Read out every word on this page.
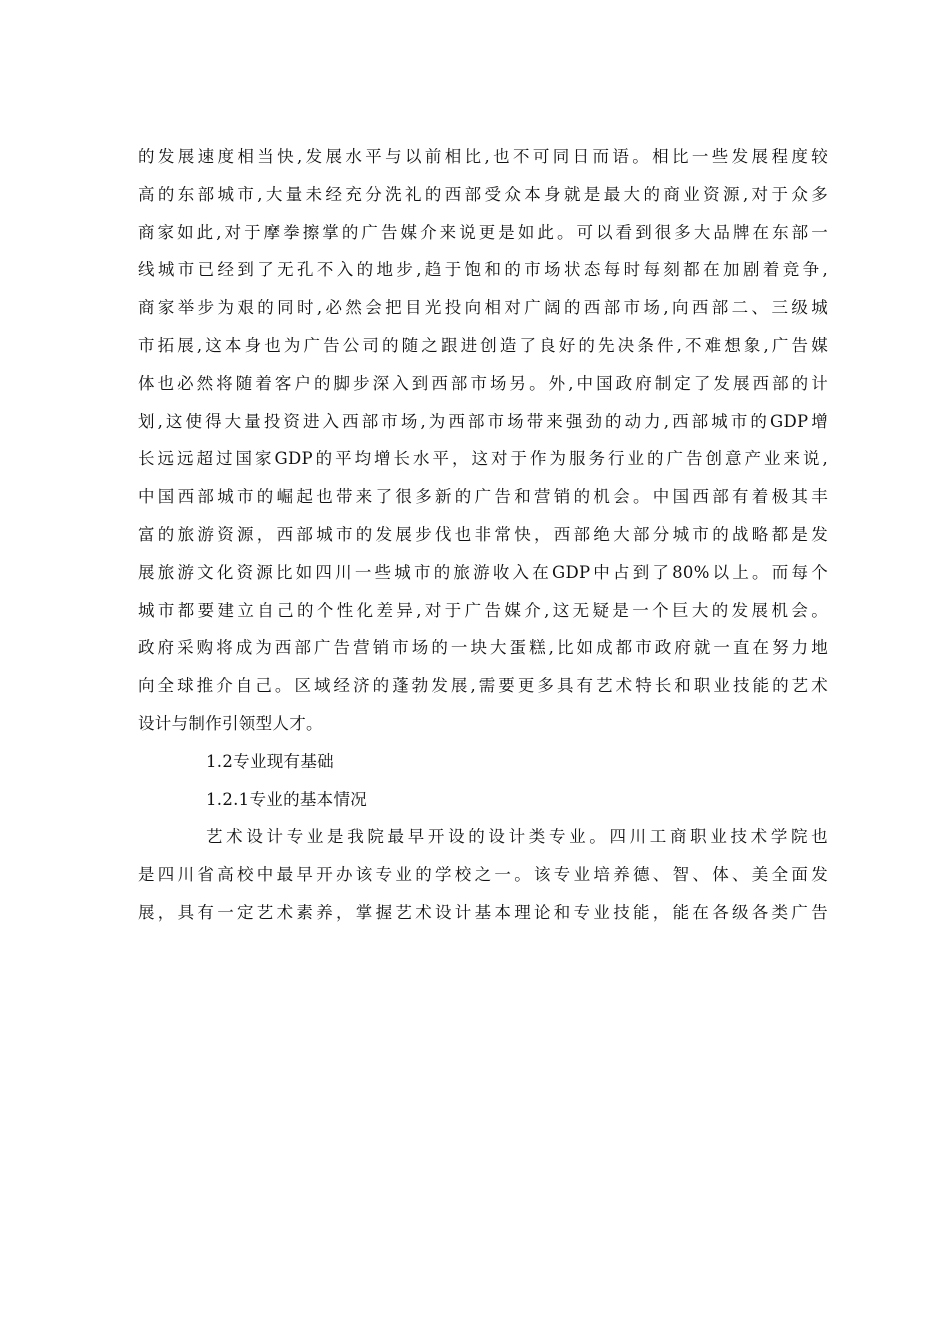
的发展速度相当快,发展水平与以前相比,也不可同日而语。相比一些发展程度较
高的东部城市,大量未经充分洗礼的西部受众本身就是最大的商业资源,对于众多
商家如此,对于摩拳擦掌的广告媒介来说更是如此。可以看到很多大品牌在东部一
线城市已经到了无孔不入的地步,趋于饱和的市场状态每时每刻都在加剧着竞争,
商家举步为艰的同时,必然会把目光投向相对广阔的西部市场,向西部二、三级城
市拓展,这本身也为广告公司的随之跟进创造了良好的先决条件,不难想象,广告媒
体也必然将随着客户的脚步深入到西部市场另。外,中国政府制定了发展西部的计
划,这使得大量投资进入西部市场,为西部市场带来强劲的动力,西部城市的GDP增
长远远超过国家GDP的平均增长水平，这对于作为服务行业的广告创意产业来说,
中国西部城市的崛起也带来了很多新的广告和营销的机会。中国西部有着极其丰
富的旅游资源，西部城市的发展步伐也非常快，西部绝大部分城市的战略都是发
展旅游文化资源比如四川一些城市的旅游收入在GDP中占到了80%以上。而每个
城市都要建立自己的个性化差异,对于广告媒介,这无疑是一个巨大的发展机会。
政府采购将成为西部广告营销市场的一块大蛋糕,比如成都市政府就一直在努力地
向全球推介自己。区域经济的蓬勃发展,需要更多具有艺术特长和职业技能的艺术
设计与制作引领型人才。
1.2专业现有基础
1.2.1专业的基本情况
艺术设计专业是我院最早开设的设计类专业。四川工商职业技术学院也
是四川省高校中最早开办该专业的学校之一。该专业培养德、智、体、美全面发
展，具有一定艺术素养，掌握艺术设计基本理论和专业技能，能在各级各类广告
